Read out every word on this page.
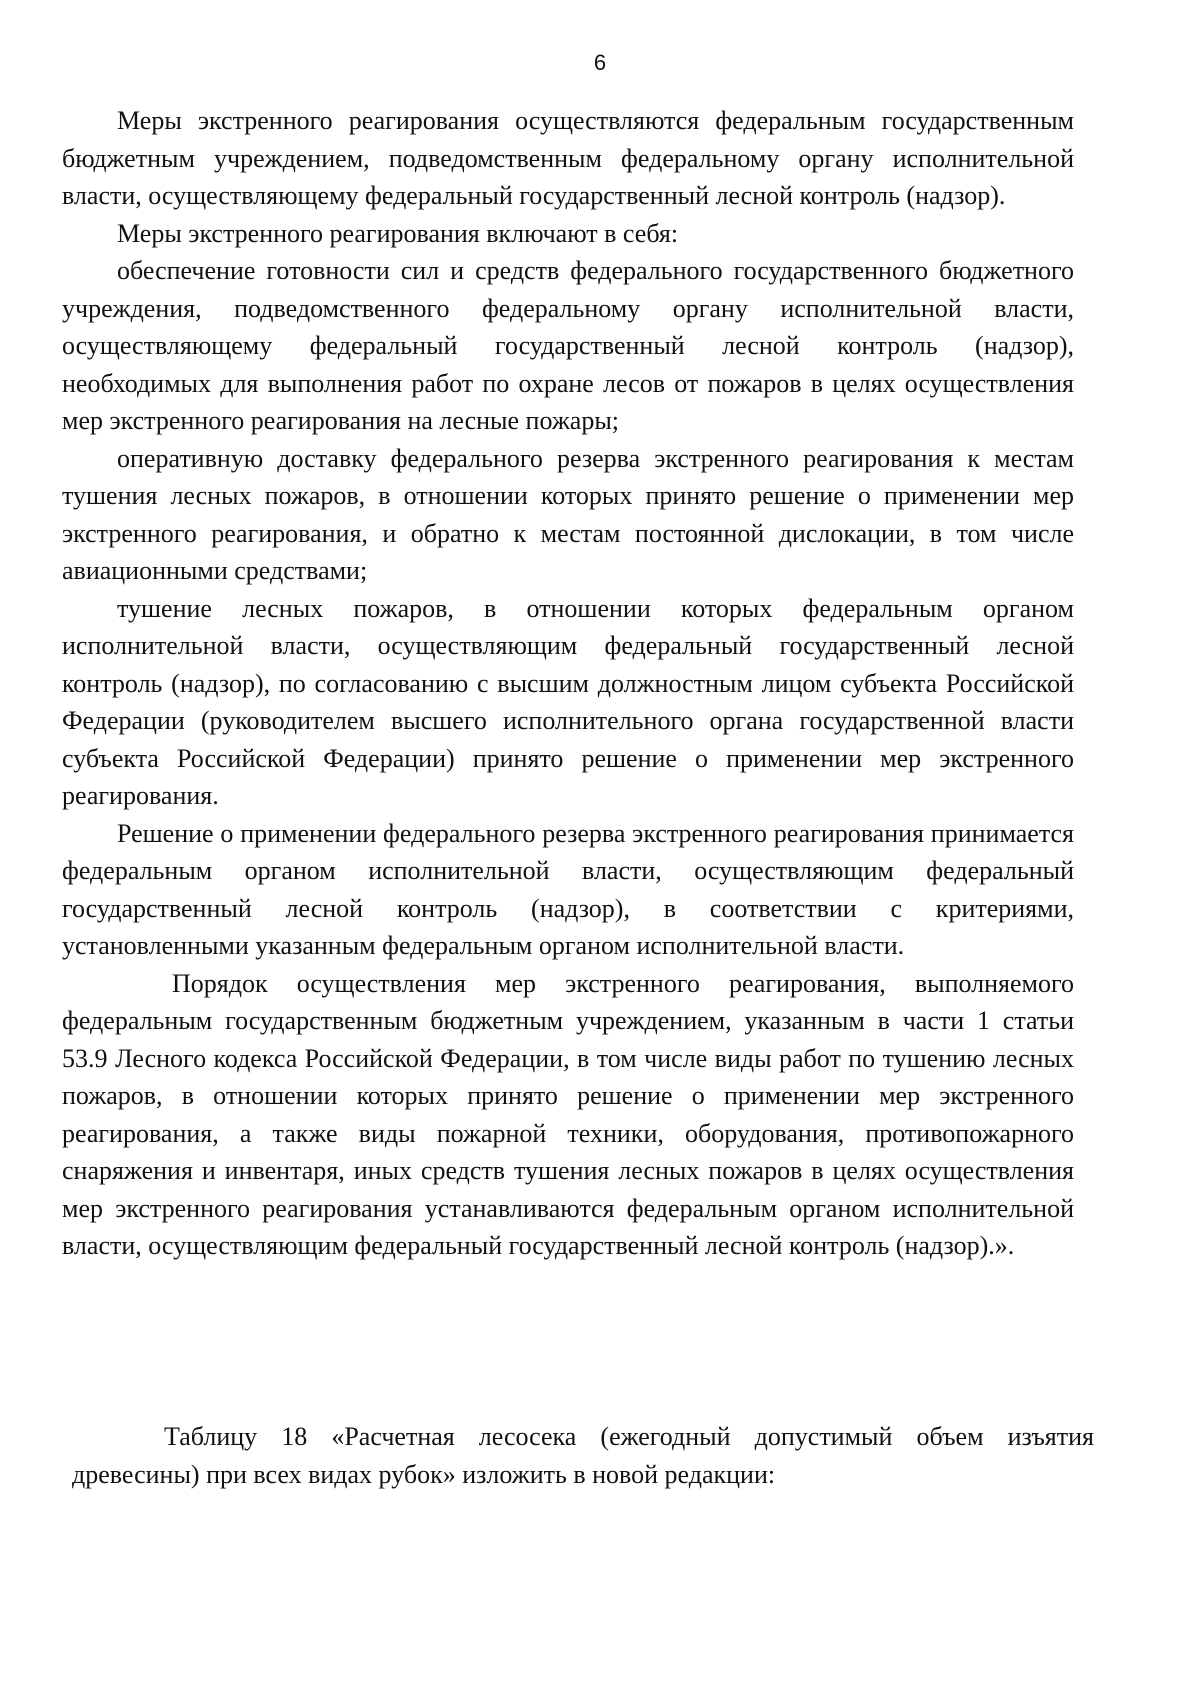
6

Меры экстренного реагирования осуществляются федеральным государственным бюджетным учреждением, подведомственным федеральному органу исполнительной власти, осуществляющему федеральный государственный лесной контроль (надзор).

Меры экстренного реагирования включают в себя:

обеспечение готовности сил и средств федерального государственного бюджетного учреждения, подведомственного федеральному органу исполнительной власти, осуществляющему федеральный государственный лесной контроль (надзор), необходимых для выполнения работ по охране лесов от пожаров в целях осуществления мер экстренного реагирования на лесные пожары;

оперативную доставку федерального резерва экстренного реагирования к местам тушения лесных пожаров, в отношении которых принято решение о применении мер экстренного реагирования, и обратно к местам постоянной дислокации, в том числе авиационными средствами;

тушение лесных пожаров, в отношении которых федеральным органом исполнительной власти, осуществляющим федеральный государственный лесной контроль (надзор), по согласованию с высшим должностным лицом субъекта Российской Федерации (руководителем высшего исполнительного органа государственной власти субъекта Российской Федерации) принято решение о применении мер экстренного реагирования.

Решение о применении федерального резерва экстренного реагирования принимается федеральным органом исполнительной власти, осуществляющим федеральный государственный лесной контроль (надзор), в соответствии с критериями, установленными указанным федеральным органом исполнительной власти.

Порядок осуществления мер экстренного реагирования, выполняемого федеральным государственным бюджетным учреждением, указанным в части 1 статьи 53.9 Лесного кодекса Российской Федерации, в том числе виды работ по тушению лесных пожаров, в отношении которых принято решение о применении мер экстренного реагирования, а также виды пожарной техники, оборудования, противопожарного снаряжения и инвентаря, иных средств тушения лесных пожаров в целях осуществления мер экстренного реагирования устанавливаются федеральным органом исполнительной власти, осуществляющим федеральный государственный лесной контроль (надзор).».

Таблицу 18 «Расчетная лесосека (ежегодный допустимый объем изъятия древесины) при всех видах рубок» изложить в новой редакции:
